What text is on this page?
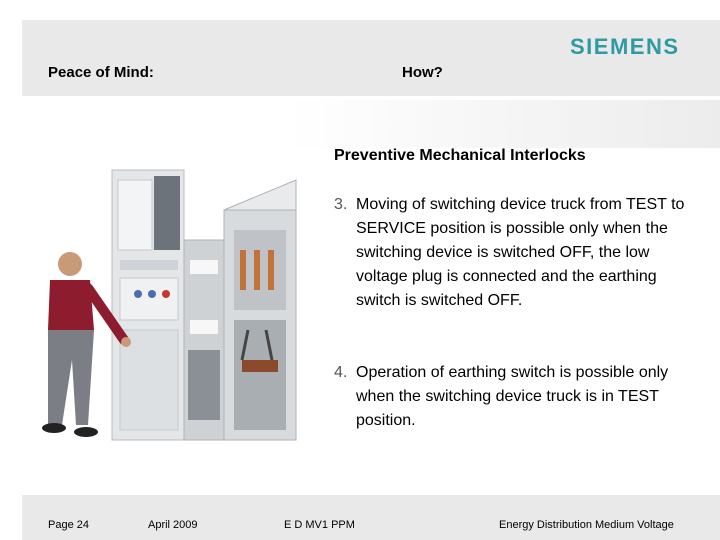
SIEMENS
Peace of Mind:	How?
Preventive Mechanical Interlocks
3. Moving of switching device truck from TEST to SERVICE position is possible only when the switching device is switched OFF, the low voltage plug is connected and the earthing switch is switched OFF.
4. Operation of earthing switch is possible only when the switching device truck is in TEST position.
Page 24	April 2009	E D MV1 PPM	Energy Distribution Medium Voltage
